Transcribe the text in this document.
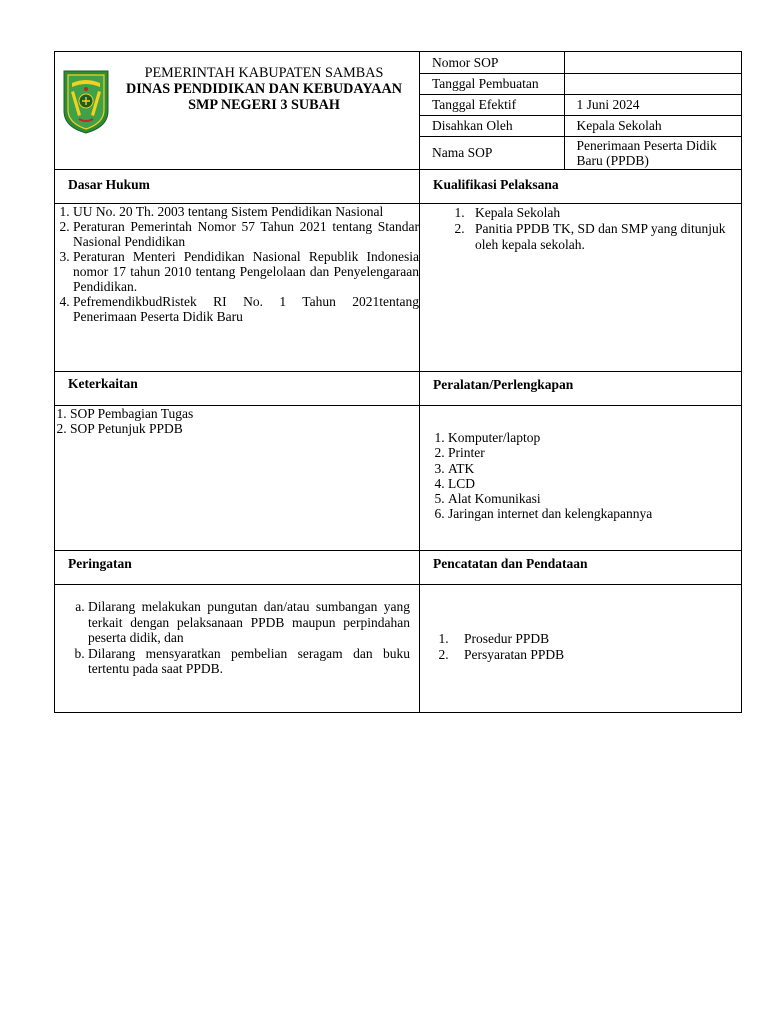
PEMERINTAH KABUPATEN SAMBAS
DINAS PENDIDIKAN DAN KEBUDAYAAN
SMP NEGERI 3 SUBAH

Nomor SOP	
Tanggal Pembuatan	
Tanggal Efektif	1 Juni 2024
Disahkan Oleh	Kepala Sekolah
Nama SOP	Penerimaan Peserta Didik Baru (PPDB)

Dasar Hukum	Kualifikasi Pelaksana

1. UU No. 20 Th. 2003 tentang Sistem Pendidikan Nasional
2. Peraturan Pemerintah Nomor 57 Tahun 2021 tentang Standar Nasional Pendidikan
3. Peraturan Menteri Pendidikan Nasional Republik Indonesia nomor 17 tahun 2010 tentang Pengelolaan dan Penyelengaraan Pendidikan.
4. PefremendikbudRistek RI No. 1 Tahun 2021tentang Penerimaan Peserta Didik Baru

1. Kepala Sekolah
2. Panitia PPDB TK, SD dan SMP yang ditunjuk oleh kepala sekolah.

Keterkaitan	Peralatan/Perlengkapan

1. SOP Pembagian Tugas
2. SOP Petunjuk PPDB

1. Komputer/laptop
2. Printer
3. ATK
4. LCD
5. Alat Komunikasi
6. Jaringan internet dan kelengkapannya

Peringatan	Pencatatan dan Pendataan

a. Dilarang melakukan pungutan dan/atau sumbangan yang terkait dengan pelaksanaan PPDB maupun perpindahan peserta didik, dan
b. Dilarang mensyaratkan pembelian seragam dan buku tertentu pada saat PPDB.

1. Prosedur PPDB
2. Persyaratan PPDB
